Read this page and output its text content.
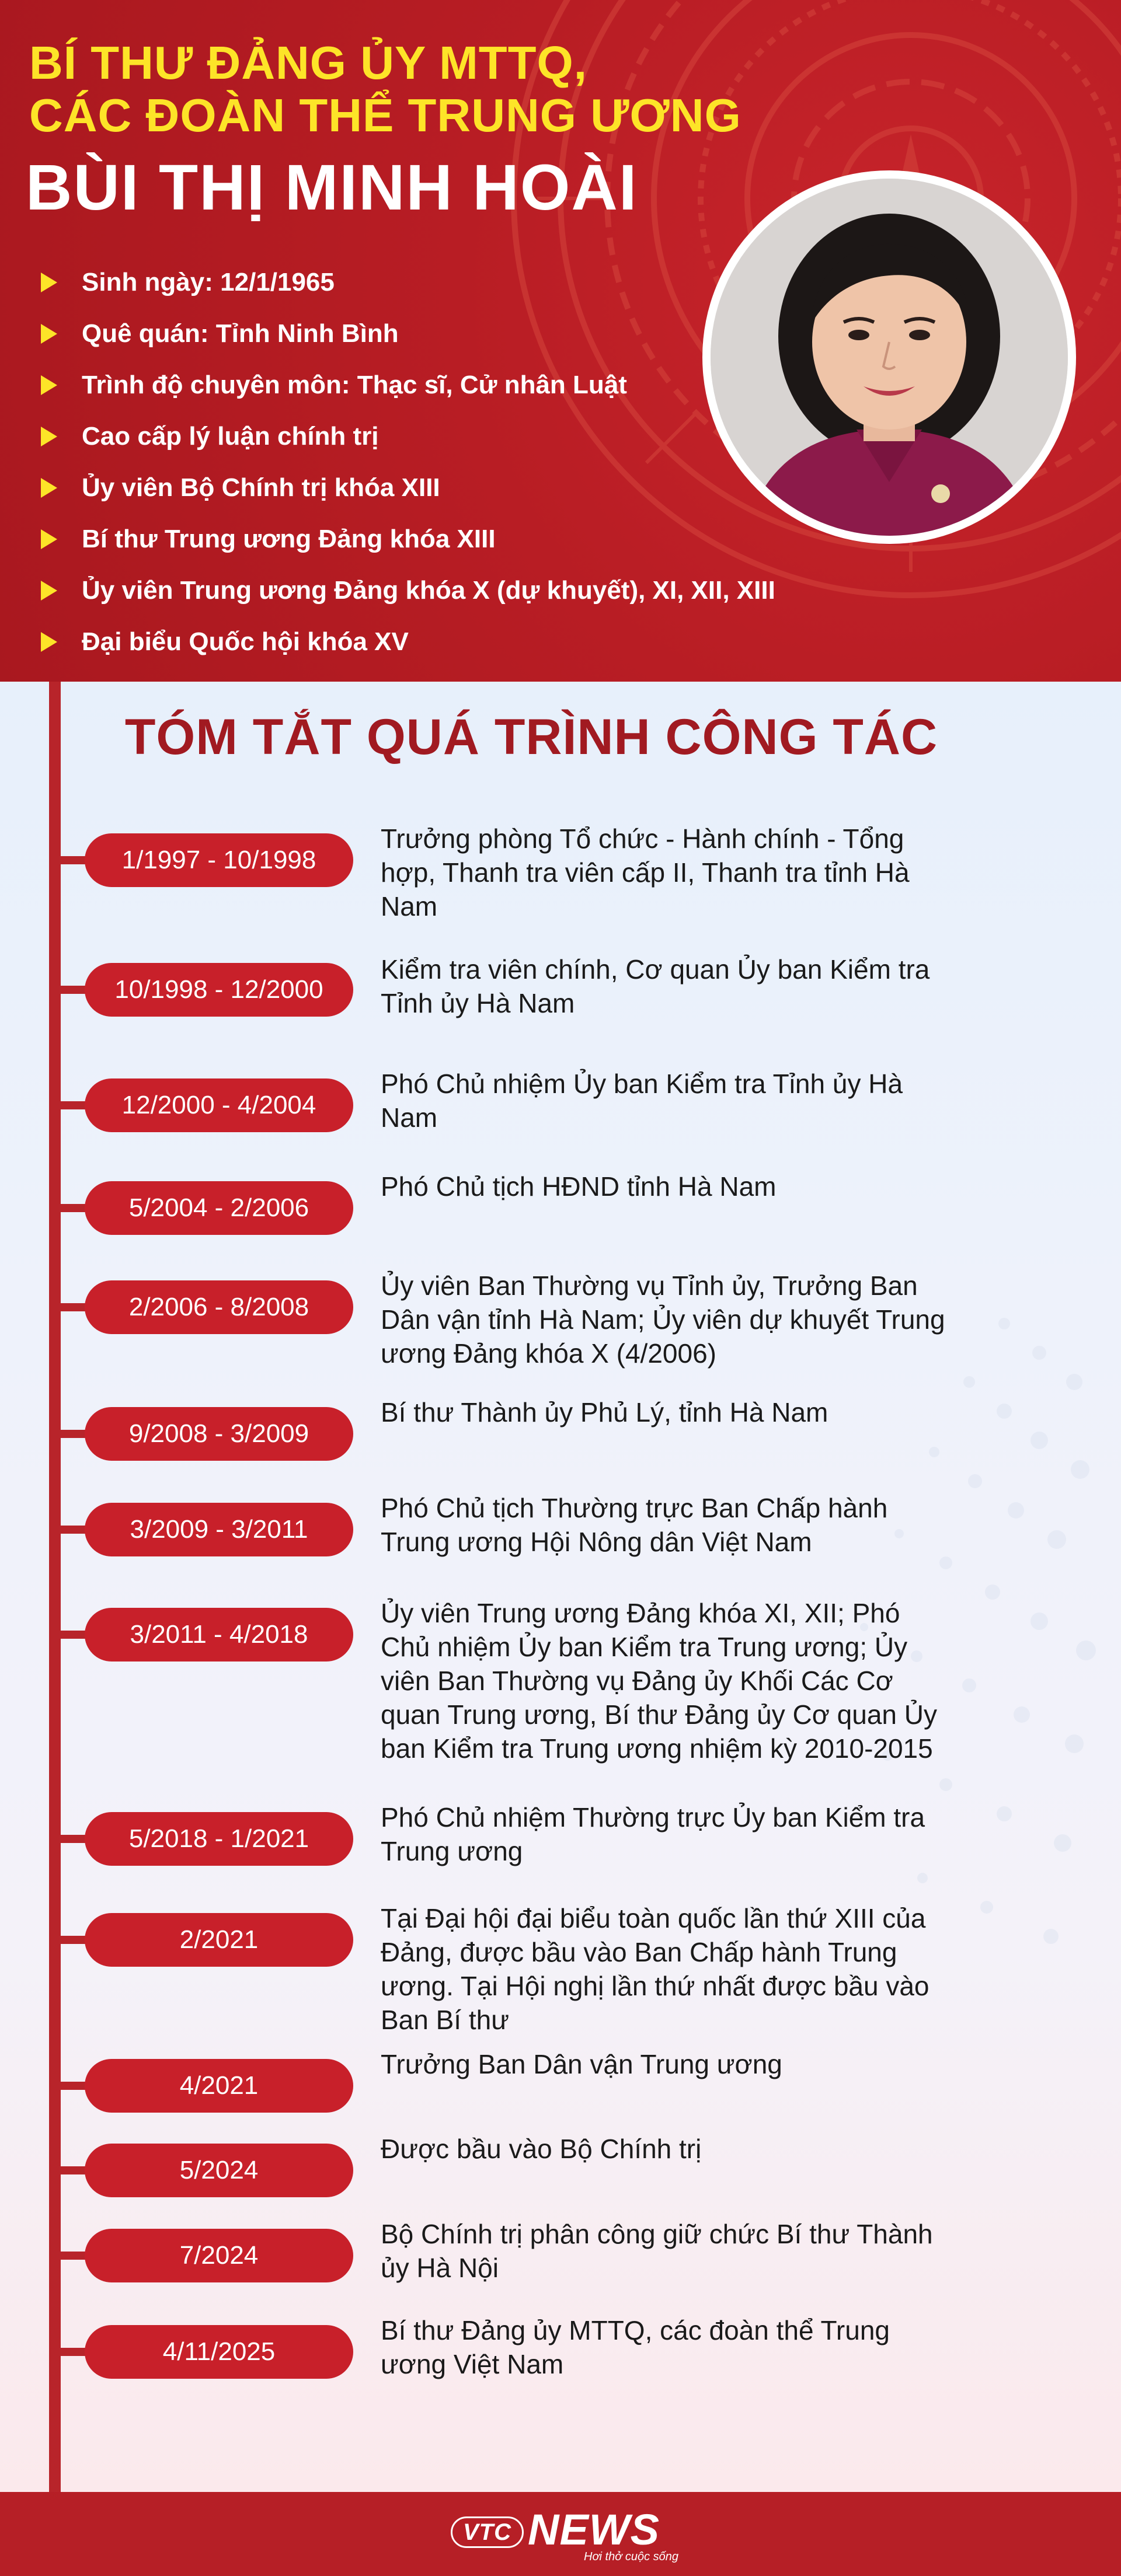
BÍ THƯ ĐẢNG ỦY MTTQ,
CÁC ĐOÀN THỂ TRUNG ƯƠNG
BÙI THỊ MINH HOÀI
Sinh ngày: 12/1/1965
Quê quán: Tỉnh Ninh Bình
Trình độ chuyên môn: Thạc sĩ, Cử nhân Luật
Cao cấp lý luận chính trị
Ủy viên Bộ Chính trị khóa XIII
Bí thư Trung ương Đảng khóa XIII
Ủy viên Trung ương Đảng khóa X (dự khuyết), XI, XII, XIII
Đại biểu Quốc hội khóa XV
TÓM TẮT QUÁ TRÌNH CÔNG TÁC
1/1997 - 10/1998

Trưởng phòng Tổ chức - Hành chính - Tổng
hợp, Thanh tra viên cấp II, Thanh tra tỉnh Hà
Nam

10/1998 - 12/2000

Kiểm tra viên chính, Cơ quan Ủy ban Kiểm tra
Tỉnh ủy Hà Nam

12/2000 - 4/2004

Phó Chủ nhiệm Ủy ban Kiểm tra Tỉnh ủy Hà
Nam

5/2004 - 2/2006

Phó Chủ tịch HĐND tỉnh Hà Nam

2/2006 - 8/2008

Ủy viên Ban Thường vụ Tỉnh ủy, Trưởng Ban
Dân vận tỉnh Hà Nam; Ủy viên dự khuyết Trung
ương Đảng khóa X (4/2006)

9/2008 - 3/2009

Bí thư Thành ủy Phủ Lý, tỉnh Hà Nam

3/2009 - 3/2011

Phó Chủ tịch Thường trực Ban Chấp hành
Trung ương Hội Nông dân Việt Nam

3/2011 - 4/2018

Ủy viên Trung ương Đảng khóa XI, XII; Phó
Chủ nhiệm Ủy ban Kiểm tra Trung ương; Ủy
viên Ban Thường vụ Đảng ủy Khối Các Cơ
quan Trung ương, Bí thư Đảng ủy Cơ quan Ủy
ban Kiểm tra Trung ương nhiệm kỳ 2010-2015

5/2018 - 1/2021

Phó Chủ nhiệm Thường trực Ủy ban Kiểm tra
Trung ương

2/2021

Tại Đại hội đại biểu toàn quốc lần thứ XIII của
Đảng, được bầu vào Ban Chấp hành Trung
ương. Tại Hội nghị lần thứ nhất được bầu vào
Ban Bí thư

4/2021

Trưởng Ban Dân vận Trung ương

5/2024

Được bầu vào Bộ Chính trị

7/2024

Bộ Chính trị phân công giữ chức Bí thư Thành
ủy Hà Nội

4/11/2025

Bí thư Đảng ủy MTTQ, các đoàn thể Trung
ương Việt Nam

VTC NEWS
Hơi thở cuộc sống
